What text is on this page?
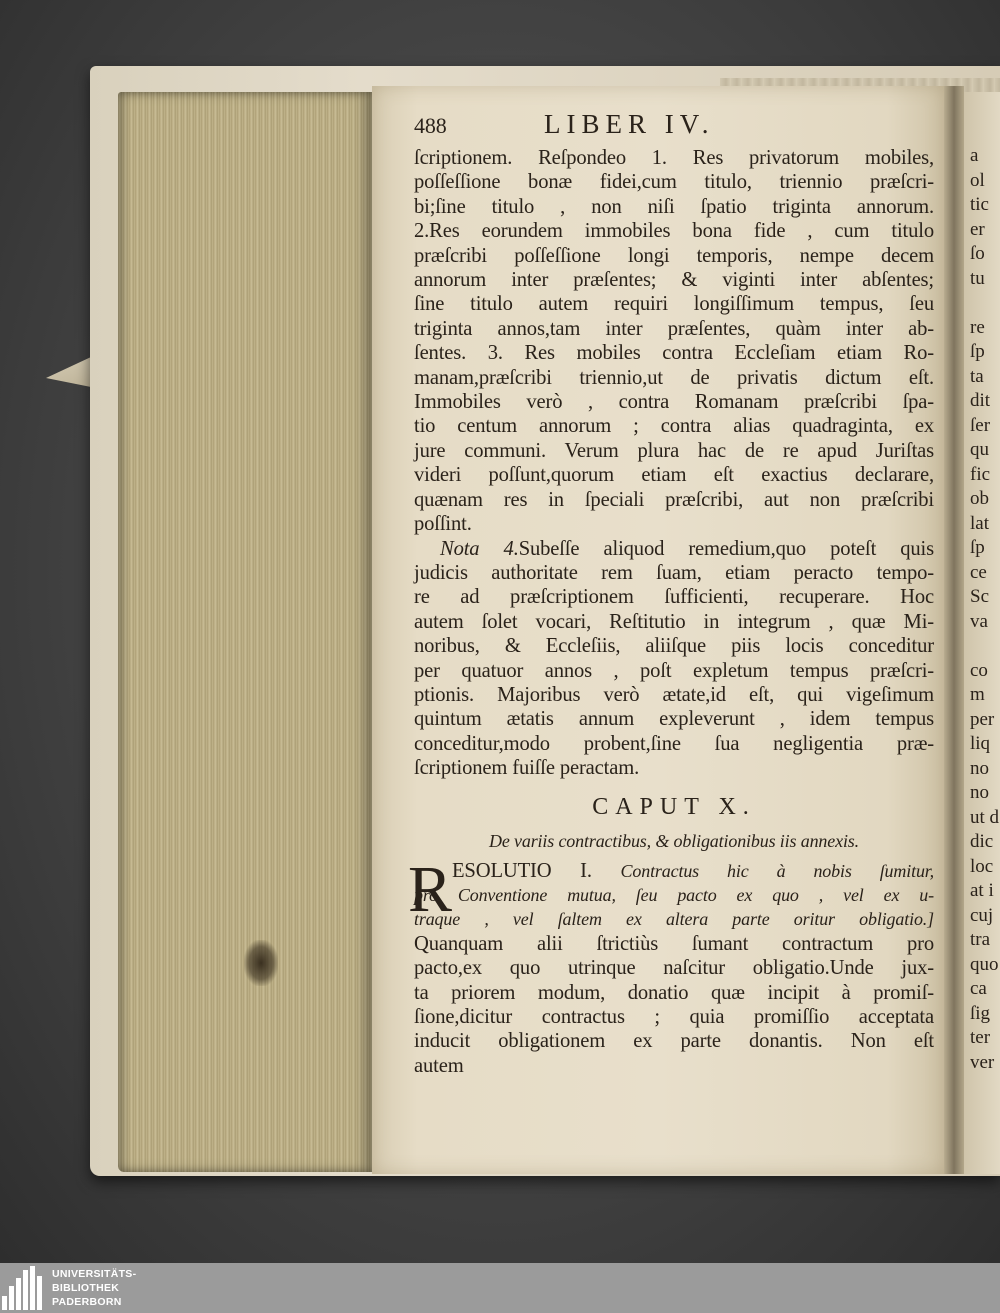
a
ol
tic
er
ſo
tu
re
ſp
ta
dit
ſer
qu
fic
ob
lat
ſp
ce
Sc
va
co
m
per
liq
no
no
ut d
dic
loc
at i
cuj
tra
quo
ca
ſig
ter
ver
488	LIBER IV.
ſcriptionem. Reſpondeo 1. Res privatorum mobiles,
poſſeſſione bonæ fidei,cum titulo, triennio præſcri-
bi;ſine titulo , non niſi ſpatio triginta annorum.
2.Res eorundem immobiles bona fide , cum titulo
præſcribi poſſeſſione longi temporis, nempe decem
annorum inter præſentes; & viginti inter abſentes;
ſine titulo autem requiri longiſſimum tempus, ſeu
triginta annos,tam inter præſentes, quàm inter ab-
ſentes. 3. Res mobiles contra Eccleſiam etiam Ro-
manam,præſcribi triennio,ut de privatis dictum eſt.
Immobiles verò , contra Romanam præſcribi ſpa-
tio centum annorum ; contra alias quadraginta, ex
jure communi. Verum plura hac de re apud Juriſtas
videri poſſunt,quorum etiam eſt exactius declarare,
quænam res in ſpeciali præſcribi, aut non præſcribi
poſſint.
Nota 4.Subeſſe aliquod remedium,quo poteſt quis
judicis authoritate rem ſuam, etiam peracto tempo-
re ad præſcriptionem ſufficienti, recuperare. Hoc
autem ſolet vocari, Reſtitutio in integrum , quæ Mi-
noribus, & Eccleſiis, aliiſque piis locis conceditur
per quatuor annos , poſt expletum tempus præſcri-
ptionis. Majoribus verò ætate,id eſt, qui vigeſimum
quintum ætatis annum expleverunt , idem tempus
conceditur,modo probent,ſine ſua negligentia præ-
ſcriptionem fuiſſe peractam.
CAPUT X.
De variis contractibus, & obligationibus iis annexis.
R ESOLUTIO I. Contractus hic à nobis ſumitur,
pro Conventione mutua, ſeu pacto ex quo , vel ex u-
traque , vel ſaltem ex altera parte oritur obligatio.]
Quanquam alii ſtrictiùs ſumant contractum pro
pacto,ex quo utrinque naſcitur obligatio.Unde jux-
ta priorem modum, donatio quæ incipit à promiſ-
ſione,dicitur contractus ; quia promiſſio acceptata
inducit obligationem ex parte donantis. Non eſt
autem
UNIVERSITÄTS-
BIBLIOTHEK
PADERBORN
